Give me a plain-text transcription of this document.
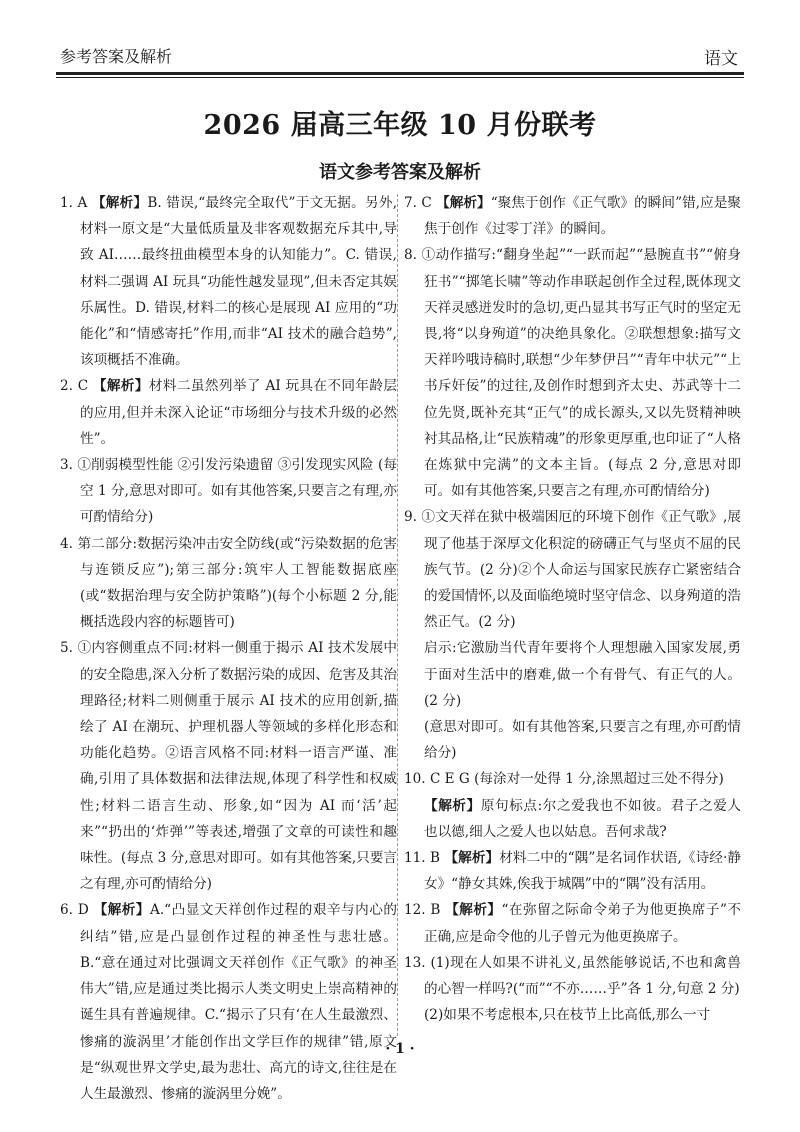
参考答案及解析	语文
2026 届高三年级 10 月份联考
语文参考答案及解析

1. A 【解析】B. 错误,“最终完全取代”于文无据。另外,材料一原文是“大量低质量及非客观数据充斥其中,导致 AI……最终扭曲模型本身的认知能力”。C. 错误,材料二强调 AI 玩具“功能性越发显现”,但未否定其娱乐属性。D. 错误,材料二的核心是展现 AI 应用的“功能化”和“情感寄托”作用,而非“AI 技术的融合趋势”,该项概括不准确。

2. C 【解析】材料二虽然列举了 AI 玩具在不同年龄层的应用,但并未深入论证“市场细分与技术升级的必然性”。

3. ①削弱模型性能 ②引发污染遗留 ③引发现实风险 (每空 1 分,意思对即可。如有其他答案,只要言之有理,亦可酌情给分)

4. 第二部分:数据污染冲击安全防线(或“污染数据的危害与连锁反应”);第三部分:筑牢人工智能数据底座(或“数据治理与安全防护策略”)(每个小标题 2 分,能概括选段内容的标题皆可)

5. ①内容侧重点不同:材料一侧重于揭示 AI 技术发展中的安全隐患,深入分析了数据污染的成因、危害及其治理路径;材料二则侧重于展示 AI 技术的应用创新,描绘了 AI 在潮玩、护理机器人等领域的多样化形态和功能化趋势。②语言风格不同:材料一语言严谨、准确,引用了具体数据和法律法规,体现了科学性和权威性;材料二语言生动、形象,如“因为 AI 而‘活’起来”“扔出的‘炸弹’”等表述,增强了文章的可读性和趣味性。(每点 3 分,意思对即可。如有其他答案,只要言之有理,亦可酌情给分)

6. D 【解析】A.“凸显文天祥创作过程的艰辛与内心的纠结”错,应是凸显创作过程的神圣性与悲壮感。B.“意在通过对比强调文天祥创作《正气歌》的神圣伟大”错,应是通过类比揭示人类文明史上崇高精神的诞生具有普遍规律。C.“揭示了只有‘在人生最激烈、惨痛的漩涡里’才能创作出文学巨作的规律”错,原文是“纵观世界文学史,最为悲壮、高亢的诗文,往往是在人生最激烈、惨痛的漩涡里分娩”。

7. C 【解析】“聚焦于创作《正气歌》的瞬间”错,应是聚焦于创作《过零丁洋》的瞬间。

8. ①动作描写:“翻身坐起”“一跃而起”“悬腕直书”“俯身狂书”“掷笔长啸”等动作串联起创作全过程,既体现文天祥灵感迸发时的急切,更凸显其书写正气时的坚定无畏,将“以身殉道”的决绝具象化。②联想想象:描写文天祥吟哦诗稿时,联想“少年梦伊吕”“青年中状元”“上书斥奸佞”的过往,及创作时想到齐太史、苏武等十二位先贤,既补充其“正气”的成长源头,又以先贤精神映衬其品格,让“民族精魂”的形象更厚重,也印证了“人格在炼狱中完满”的文本主旨。(每点 2 分,意思对即可。如有其他答案,只要言之有理,亦可酌情给分)

9. ①文天祥在狱中极端困厄的环境下创作《正气歌》,展现了他基于深厚文化积淀的磅礴正气与坚贞不屈的民族气节。(2 分)②个人命运与国家民族存亡紧密结合的爱国情怀,以及面临绝境时坚守信念、以身殉道的浩然正气。(2 分)

启示:它激励当代青年要将个人理想融入国家发展,勇于面对生活中的磨难,做一个有骨气、有正气的人。(2 分)

(意思对即可。如有其他答案,只要言之有理,亦可酌情给分)

10. C E G (每涂对一处得 1 分,涂黑超过三处不得分)

【解析】原句标点:尔之爱我也不如彼。君子之爱人也以德,细人之爱人也以姑息。吾何求哉?

11. B 【解析】材料二中的“隅”是名词作状语,《诗经·静女》“静女其姝,俟我于城隅”中的“隅”没有活用。

12. B 【解析】“在弥留之际命令弟子为他更换席子”不正确,应是命令他的儿子曾元为他更换席子。

13. (1)现在人如果不讲礼义,虽然能够说话,不也和禽兽的心智一样吗?(“而”“不亦……乎”各 1 分,句意 2 分)

(2)如果不考虑根本,只在枝节上比高低,那么一寸

· 1 ·
